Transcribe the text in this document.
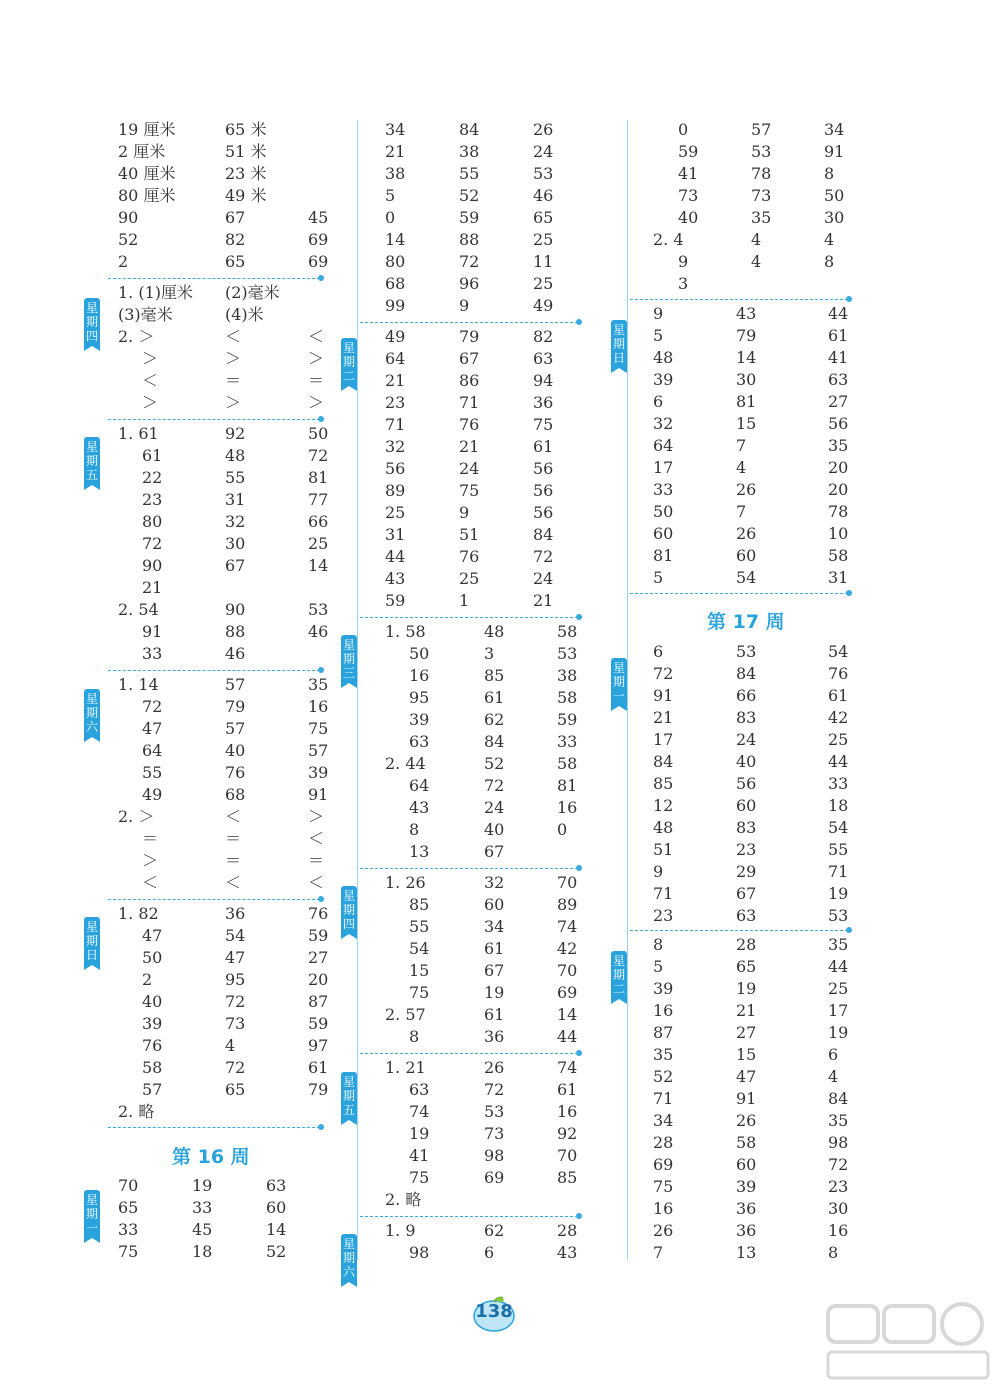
2. 略
2. 略
第 16 周
第 17 周
星期四
星期五
星期六
星期日
星期一
星期二
星期三
星期四
星期五
星期六
星期日
星期一
星期二
138
19 厘米	65 米
2 厘米	51 米
40 厘米	23 米
80 厘米	49 米
90	67	45
52	82	69
2	65	69
1. (1)厘米 (2)毫米
(3)毫米	(4)米
2. ＞	＜	＜
＞	＞	＞
＜	＝	＝
＞	＞	＞
1. 61	92	50
61	48	72
22	55	81
23	31	77
80	32	66
72	30	25
90	67	14
21
2. 54	90	53
91	88	46
33	46
1. 14	57	35
72	79	16
47	57	75
64	40	57
55	76	39
49	68	91
2. ＞	＜	＞
＝	＝	＜
＞	＝	＝
＜	＜	＜
1. 82	36	76
47	54	59
50	47	27
2	95	20
40	72	87
39	73	59
76	4	97
58	72	61
57	65	79
70	19	63
65	33	60
33	45	14
75	18	52
34	84	26
21	38	24
38	55	53
5	52	46
0	59	65
14	88	25
80	72	11
68	96	25
99	9	49
49	79	82
64	67	63
21	86	94
23	71	36
71	76	75
32	21	61
56	24	56
89	75	56
25	9	56
31	51	84
44	76	72
43	25	24
59	1	21
1. 58	48	58
50	3	53
16	85	38
95	61	58
39	62	59
63	84	33
2. 44	52	58
64	72	81
43	24	16
8	40	0
13	67
1. 26	32	70
85	60	89
55	34	74
54	61	42
15	67	70
75	19	69
2. 57	61	14
8	36	44
1. 21	26	74
63	72	61
74	53	16
19	73	92
41	98	70
75	69	85
1. 9	62	28
98	6	43
0	57	34
59	53	91
41	78	8
73	73	50
40	35	30
2. 4	4	4
9	4	8
3
9	43	44
5	79	61
48	14	41
39	30	63
6	81	27
32	15	56
64	7	35
17	4	20
33	26	20
50	7	78
60	26	10
81	60	58
5	54	31
6	53	54
72	84	76
91	66	61
21	83	42
17	24	25
84	40	44
85	56	33
12	60	18
48	83	54
51	23	55
9	29	71
71	67	19
23	63	53
8	28	35
5	65	44
39	19	25
16	21	17
87	27	19
35	15	6
52	47	4
71	91	84
34	26	35
28	58	98
69	60	72
75	39	23
16	36	30
26	36	16
7	13	8
